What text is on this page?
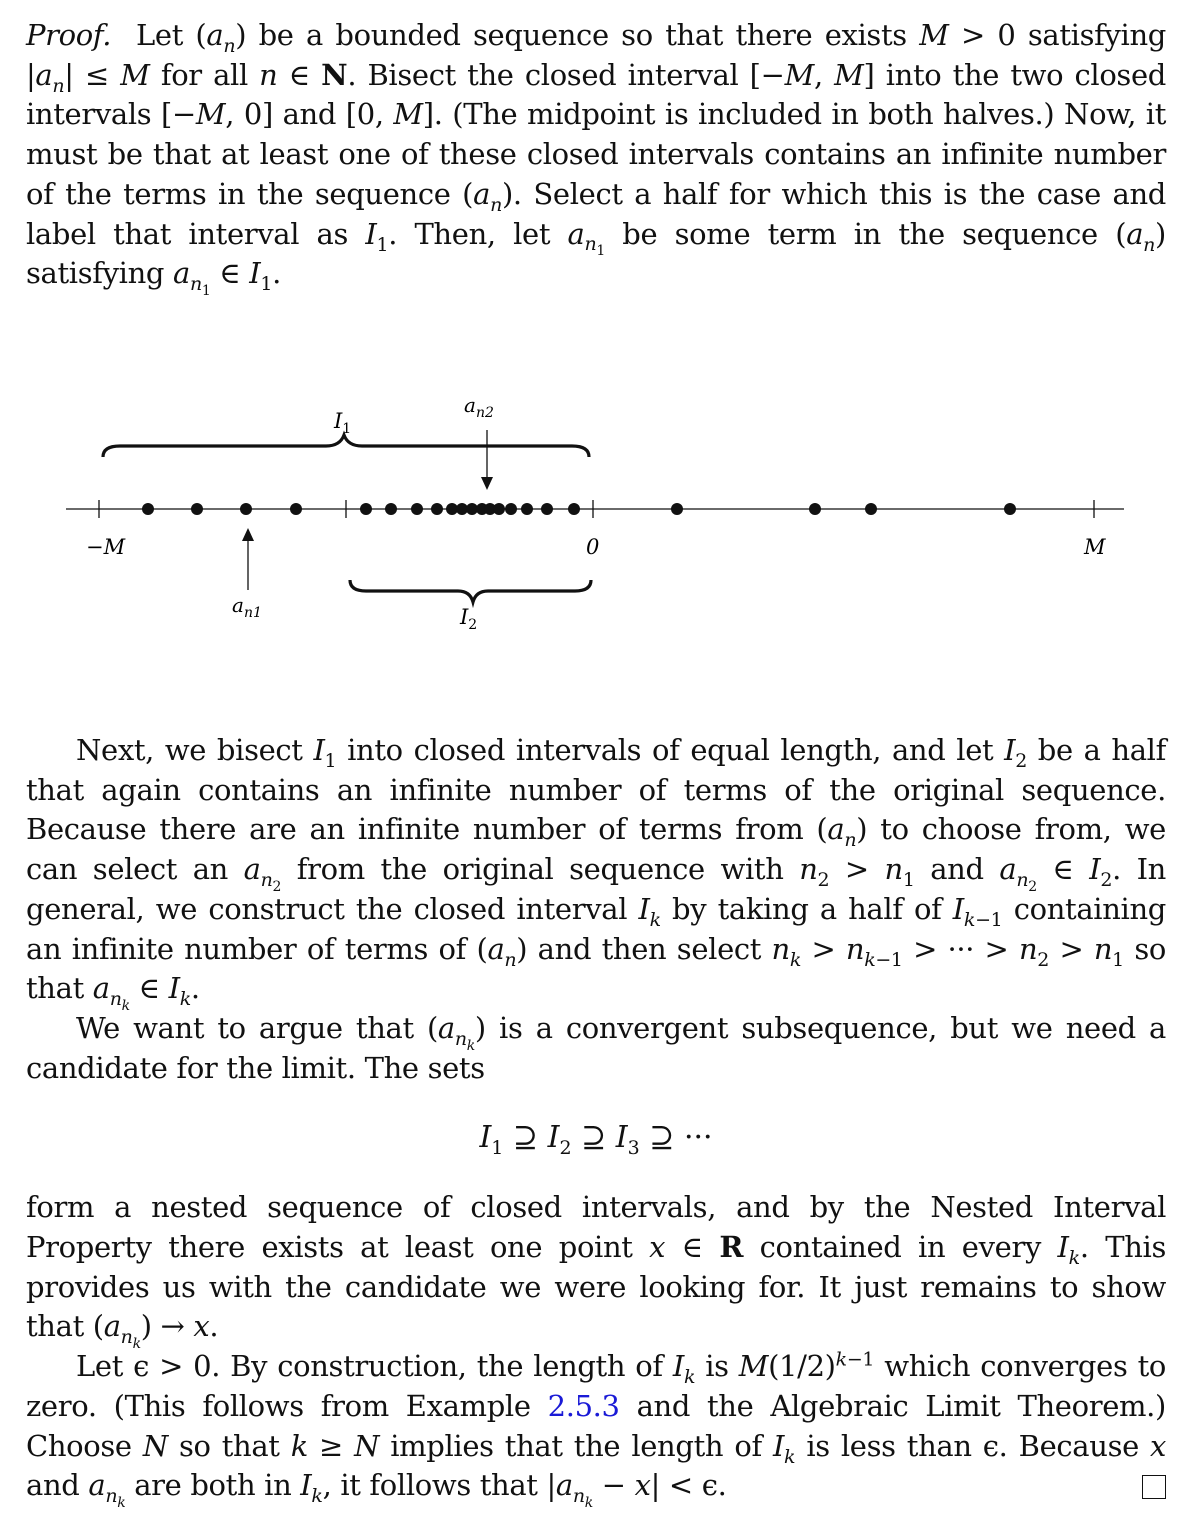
Proof. Let $(a_n)$ be a bounded sequence so that there exists M > 0 satisfying $|a_n| \le M$ for all n ∈ N. Bisect the closed interval [−M, M] into the two closed intervals [−M, 0] and [0, M]. (The midpoint is included in both halves.) Now, it must be that at least one of these closed intervals contains an infinite number of the terms in the sequence $(a_n)$. Select a half for which this is the case and label that interval as $I_1$. Then, let $a_{n_1}$ be some term in the sequence $(a_n)$ satisfying $a_{n_1}$ ∈ $I_1$.

$I_1$
$I_2$
$a_{n2}$
$a_{n1}$
−M	0	M

Next, we bisect $I_1$ into closed intervals of equal length, and let $I_2$ be a half that again contains an infinite number of terms of the original sequence. Because there are an infinite number of terms from $(a_n)$ to choose from, we can select an $a_{n_2}$ from the original sequence with $n_2 > n_1$ and $a_{n_2}$ ∈ $I_2$. In general, we construct the closed interval $I_k$ by taking a half of $I_{k-1}$ containing an infinite number of terms of $(a_n)$ and then select $n_k > n_{k-1}$ > ··· > $n_2 > n_1$ so that $a_{n_k}$ ∈ $I_k$.

We want to argue that $(a_{n_k})$ is a convergent subsequence, but we need a candidate for the limit. The sets

$I_1$ ⊇ $I_2$ ⊇ $I_3$ ⊇ ···

form a nested sequence of closed intervals, and by the Nested Interval Property there exists at least one point x ∈ R contained in every $I_k$. This provides us with the candidate we were looking for. It just remains to show that $(a_{n_k}) \to x$.

Let ϵ > 0. By construction, the length of $I_k$ is $M(1/2)^{k-1}$ which converges to zero. (This follows from Example 2.5.3 and the Algebraic Limit Theorem.) Choose N so that k ≥ N implies that the length of $I_k$ is less than ϵ. Because x and $a_{n_k}$ are both in $I_k$, it follows that $|a_{n_k} - x| < \epsilon$.
